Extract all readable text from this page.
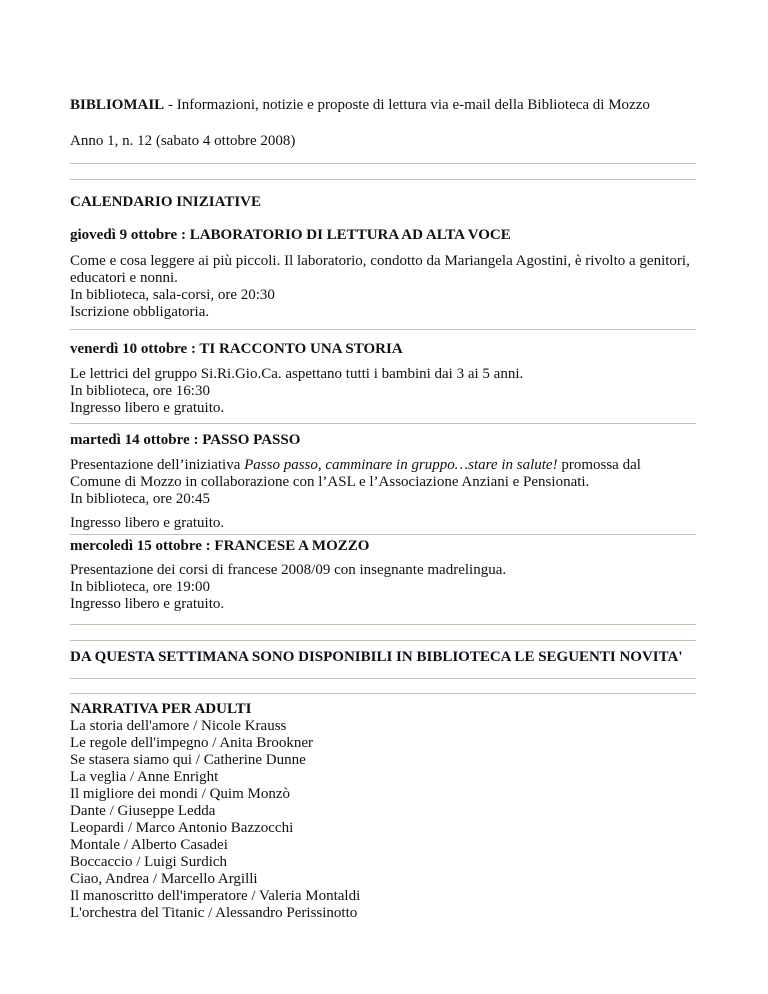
BIBLIOMAIL - Informazioni, notizie e proposte di lettura via e-mail della Biblioteca di Mozzo

Anno 1, n. 12 (sabato 4 ottobre 2008)

CALENDARIO INIZIATIVE

giovedì 9 ottobre : LABORATORIO DI LETTURA AD ALTA VOCE

Come e cosa leggere ai più piccoli. Il laboratorio, condotto da Mariangela Agostini, è rivolto a genitori,
educatori e nonni.
In biblioteca, sala-corsi, ore 20:30
Iscrizione obbligatoria.

venerdì 10 ottobre : TI RACCONTO UNA STORIA

Le lettrici del gruppo Si.Ri.Gio.Ca. aspettano tutti i bambini dai 3 ai 5 anni.
In biblioteca, ore 16:30
Ingresso libero e gratuito.

martedì 14 ottobre : PASSO PASSO

Presentazione dell’iniziativa Passo passo, camminare in gruppo…stare in salute! promossa dal
Comune di Mozzo in collaborazione con l’ASL e l’Associazione Anziani e Pensionati.
In biblioteca, ore 20:45
Ingresso libero e gratuito.

mercoledì 15 ottobre : FRANCESE A MOZZO

Presentazione dei corsi di francese 2008/09 con insegnante madrelingua.
In biblioteca, ore 19:00
Ingresso libero e gratuito.

DA QUESTA SETTIMANA SONO DISPONIBILI IN BIBLIOTECA LE SEGUENTI NOVITA'

NARRATIVA PER ADULTI

La storia dell'amore / Nicole Krauss
Le regole dell'impegno / Anita Brookner
Se stasera siamo qui / Catherine Dunne
La veglia / Anne Enright
Il migliore dei mondi / Quim Monzò
Dante / Giuseppe Ledda
Leopardi / Marco Antonio Bazzocchi
Montale / Alberto Casadei
Boccaccio / Luigi Surdich
Ciao, Andrea / Marcello Argilli
Il manoscritto dell'imperatore / Valeria Montaldi
L'orchestra del Titanic / Alessandro Perissinotto
